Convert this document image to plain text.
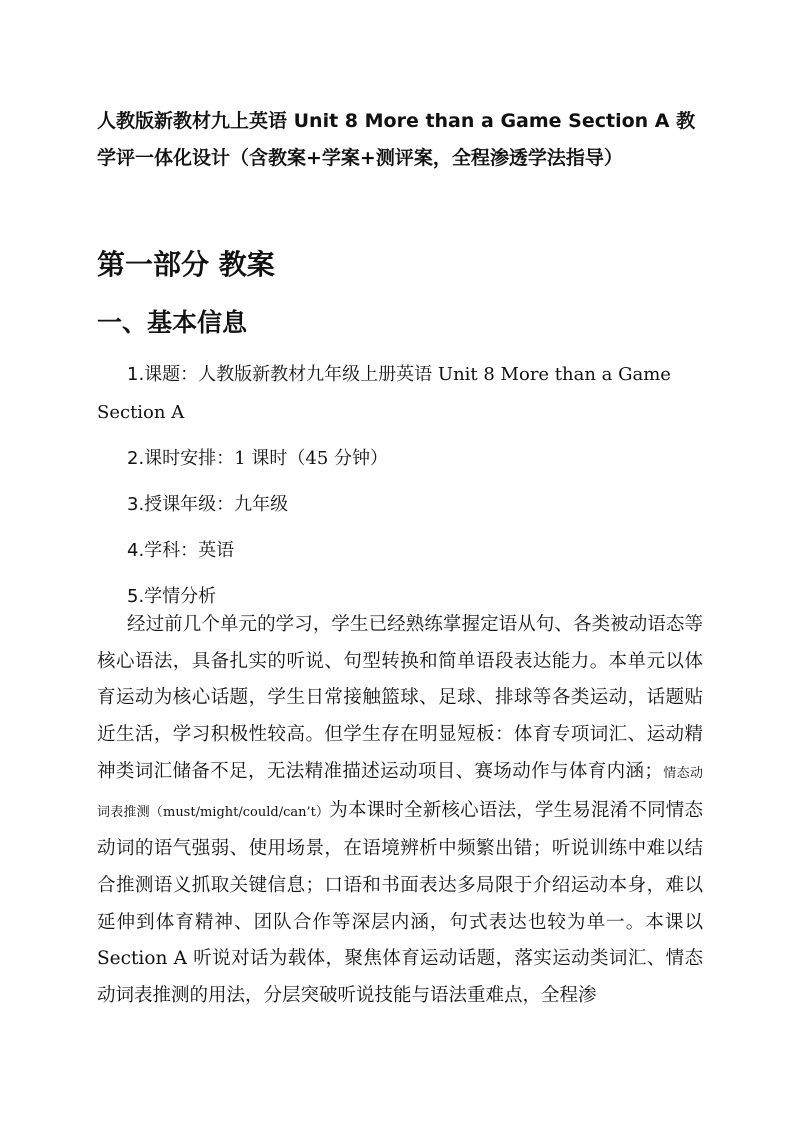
人教版新教材九上英语 Unit 8 More than a Game Section A 教学评一体化设计（含教案+学案+测评案，全程渗透学法指导）
第一部分 教案
一、基本信息
1.课题：人教版新教材九年级上册英语 Unit 8 More than a Game Section A
2.课时安排：1 课时（45 分钟）
3.授课年级：九年级
4.学科：英语
5.学情分析

经过前几个单元的学习，学生已经熟练掌握定语从句、各类被动语态等核心语法，具备扎实的听说、句型转换和简单语段表达能力。本单元以体育运动为核心话题，学生日常接触篮球、足球、排球等各类运动，话题贴近生活，学习积极性较高。但学生存在明显短板：体育专项词汇、运动精神类词汇储备不足，无法精准描述运动项目、赛场动作与体育内涵；情态动词表推测（must/might/could/can’t）为本课时全新核心语法，学生易混淆不同情态动词的语气强弱、使用场景，在语境辨析中频繁出错；听说训练中难以结合推测语义抓取关键信息；口语和书面表达多局限于介绍运动本身，难以延伸到体育精神、团队合作等深层内涵，句式表达也较为单一。本课以 Section A 听说对话为载体，聚焦体育运动话题，落实运动类词汇、情态动词表推测的用法，分层突破听说技能与语法重难点，全程渗
